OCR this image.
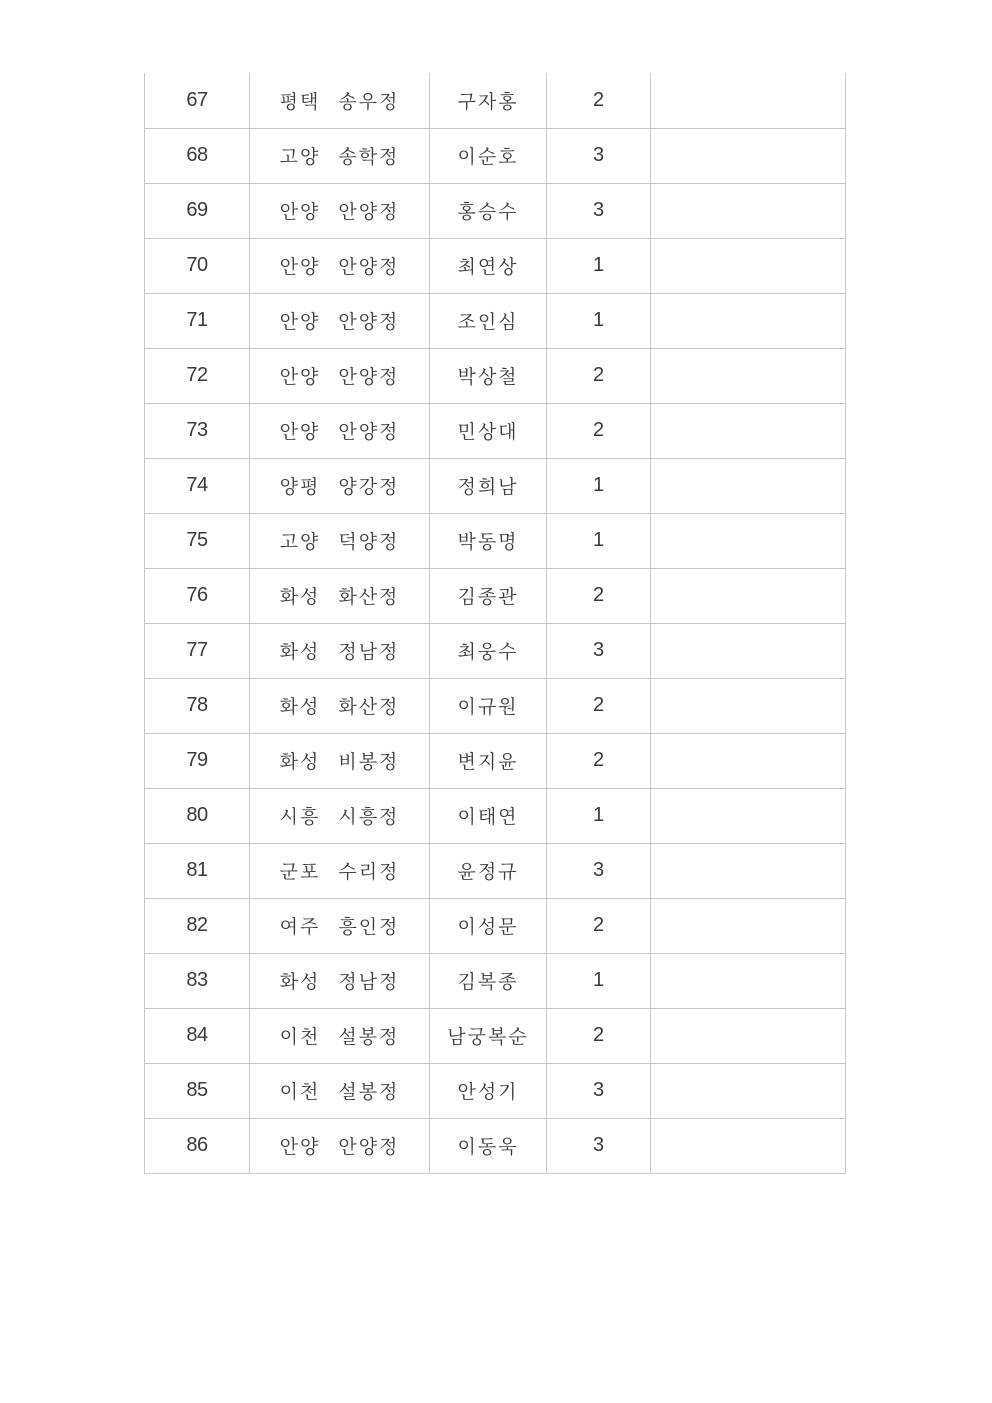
67	평택 송우정	구자홍	2	
68	고양 송학정	이순호	3	
69	안양 안양정	홍승수	3	
70	안양 안양정	최연상	1	
71	안양 안양정	조인심	1	
72	안양 안양정	박상철	2	
73	안양 안양정	민상대	2	
74	양평 양강정	정희남	1	
75	고양 덕양정	박동명	1	
76	화성 화산정	김종관	2	
77	화성 정남정	최웅수	3	
78	화성 화산정	이규원	2	
79	화성 비봉정	변지윤	2	
80	시흥 시흥정	이태연	1	
81	군포 수리정	윤정규	3	
82	여주 흥인정	이성문	2	
83	화성 정남정	김복종	1	
84	이천 설봉정	남궁복순	2	
85	이천 설봉정	안성기	3	
86	안양 안양정	이동욱	3	
